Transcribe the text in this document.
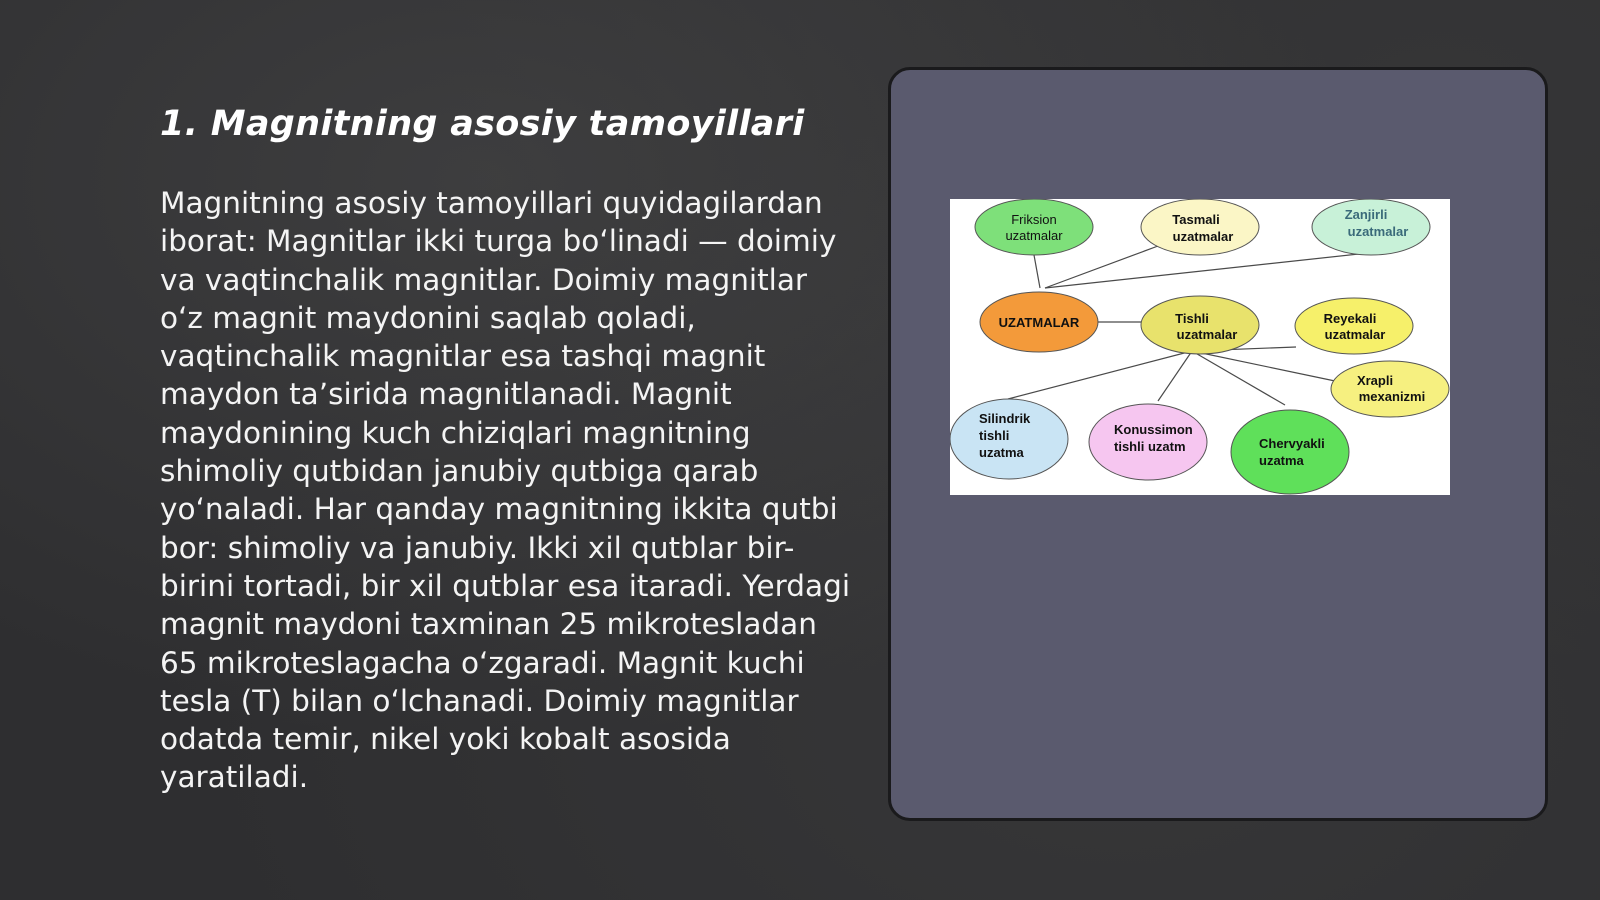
1. Magnitning asosiy tamoyillari

Magnitning asosiy tamoyillari quyidagilardan iborat: Magnitlar ikki turga bo‘linadi — doimiy va vaqtinchalik magnitlar. Doimiy magnitlar o‘z magnit maydonini saqlab qoladi, vaqtinchalik magnitlar esa tashqi magnit maydon ta’sirida magnitlanadi. Magnit maydonining kuch chiziqlari magnitning shimoliy qutbidan janubiy qutbiga qarab yo‘naladi. Har qanday magnitning ikkita qutbi bor: shimoliy va janubiy. Ikki xil qutblar bir-birini tortadi, bir xil qutblar esa itaradi. Yerdagi magnit maydoni taxminan 25 mikrotesladan 65 mikroteslagacha o‘zgaradi. Magnit kuchi tesla (T) bilan o‘lchanadi. Doimiy magnitlar odatda temir, nikel yoki kobalt asosida yaratiladi.

Friksion
uzatmalar
Tasmali
uzatmalar
Zanjirli
uzatmalar
UZATMALAR	Tishli
uzatmalar
Reyekali
uzatmalar
Xrapli
mexanizmi
Silindrik
tishli
uzatma
Konussimon
tishli uzatm	Chervyakli
uzatma
